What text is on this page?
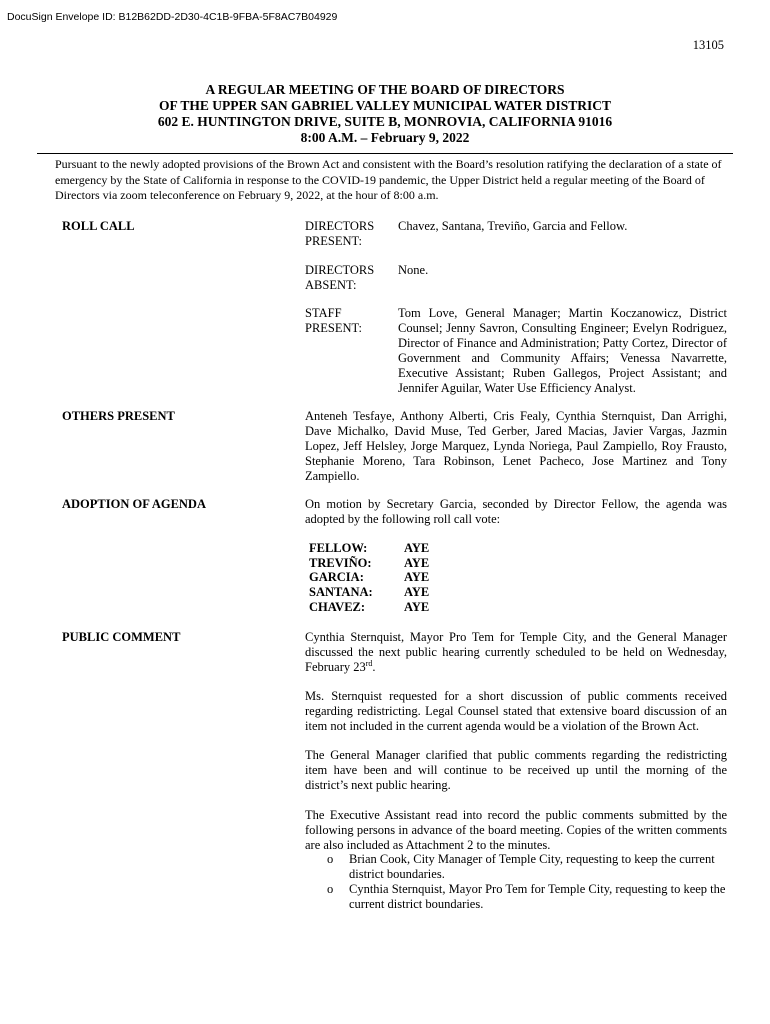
DocuSign Envelope ID: B12B62DD-2D30-4C1B-9FBA-5F8AC7B04929
13105
A REGULAR MEETING OF THE BOARD OF DIRECTORS
OF THE UPPER SAN GABRIEL VALLEY MUNICIPAL WATER DISTRICT
602 E. HUNTINGTON DRIVE, SUITE B, MONROVIA, CALIFORNIA 91016
8:00 A.M. – February 9, 2022
Pursuant to the newly adopted provisions of the Brown Act and consistent with the Board’s resolution ratifying the declaration of a state of emergency by the State of California in response to the COVID-19 pandemic, the Upper District held a regular meeting of the Board of Directors via zoom teleconference on February 9, 2022, at the hour of 8:00 a.m.
ROLL CALL	DIRECTORS PRESENT:
Chavez, Santana, Treviño, Garcia and Fellow.
DIRECTORS ABSENT:
None.
STAFF PRESENT:
Tom Love, General Manager; Martin Koczanowicz, District Counsel; Jenny Savron, Consulting Engineer; Evelyn Rodriguez, Director of Finance and Administration; Patty Cortez, Director of Government and Community Affairs; Venessa Navarrette, Executive Assistant; Ruben Gallegos, Project Assistant; and Jennifer Aguilar, Water Use Efficiency Analyst.
OTHERS PRESENT	Anteneh Tesfaye, Anthony Alberti, Cris Fealy, Cynthia Sternquist, Dan Arrighi, Dave Michalko, David Muse, Ted Gerber, Jared Macias, Javier Vargas, Jazmin Lopez, Jeff Helsley, Jorge Marquez, Lynda Noriega, Paul Zampiello, Roy Frausto, Stephanie Moreno, Tara Robinson, Lenet Pacheco, Jose Martinez and Tony Zampiello.
ADOPTION OF AGENDA	On motion by Secretary Garcia, seconded by Director Fellow, the agenda was adopted by the following roll call vote:
FELLOW:	AYE
TREVIÑO:	AYE
GARCIA:	AYE
SANTANA:	AYE
CHAVEZ:	AYE
PUBLIC COMMENT	Cynthia Sternquist, Mayor Pro Tem for Temple City, and the General Manager discussed the next public hearing currently scheduled to be held on Wednesday, February 23rd.
Ms. Sternquist requested for a short discussion of public comments received regarding redistricting. Legal Counsel stated that extensive board discussion of an item not included in the current agenda would be a violation of the Brown Act.
The General Manager clarified that public comments regarding the redistricting item have been and will continue to be received up until the morning of the district’s next public hearing.
The Executive Assistant read into record the public comments submitted by the following persons in advance of the board meeting. Copies of the written comments are also included as Attachment 2 to the minutes.
o Brian Cook, City Manager of Temple City, requesting to keep the current district boundaries.
o Cynthia Sternquist, Mayor Pro Tem for Temple City, requesting to keep the current district boundaries.
